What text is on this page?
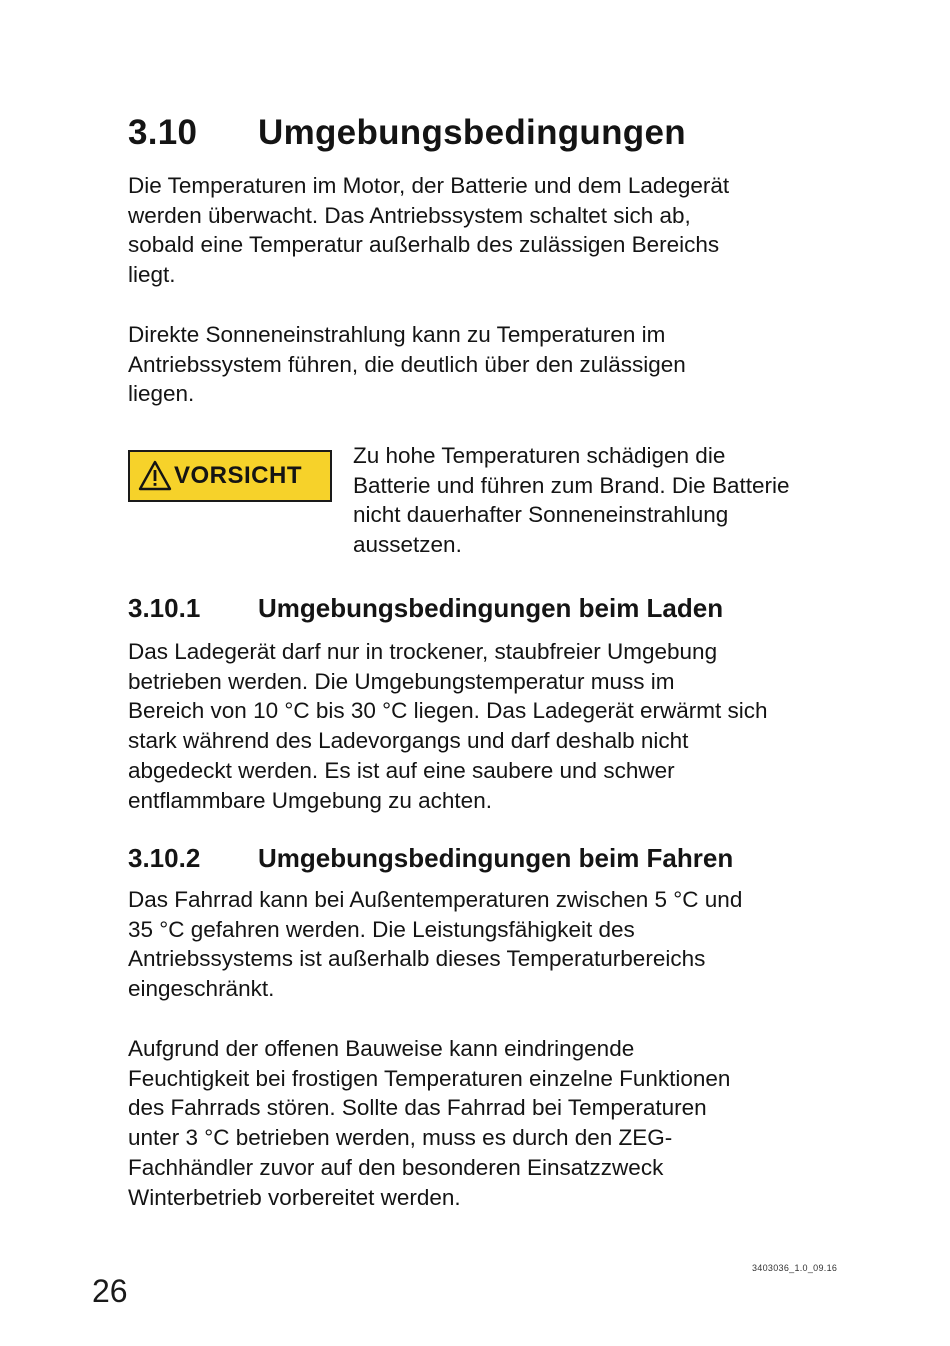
3.10 Umgebungsbedingungen

Die Temperaturen im Motor, der Batterie und dem Ladegerät
werden überwacht. Das Antriebssystem schaltet sich ab,
sobald eine Temperatur außerhalb des zulässigen Bereichs
liegt.

Direkte Sonneneinstrahlung kann zu Temperaturen im
Antriebssystem führen, die deutlich über den zulässigen
liegen.

VORSICHT

Zu hohe Temperaturen schädigen die
Batterie und führen zum Brand. Die Batterie
nicht dauerhafter Sonneneinstrahlung
aussetzen.

3.10.1 Umgebungsbedingungen beim Laden

Das Ladegerät darf nur in trockener, staubfreier Umgebung
betrieben werden. Die Umgebungstemperatur muss im
Bereich von 10 °C bis 30 °C liegen. Das Ladegerät erwärmt sich
stark während des Ladevorgangs und darf deshalb nicht
abgedeckt werden. Es ist auf eine saubere und schwer
entflammbare Umgebung zu achten.

3.10.2 Umgebungsbedingungen beim Fahren

Das Fahrrad kann bei Außentemperaturen zwischen 5 °C und
35 °C gefahren werden. Die Leistungsfähigkeit des
Antriebssystems ist außerhalb dieses Temperaturbereichs
eingeschränkt.

Aufgrund der offenen Bauweise kann eindringende
Feuchtigkeit bei frostigen Temperaturen einzelne Funktionen
des Fahrrads stören. Sollte das Fahrrad bei Temperaturen
unter 3 °C betrieben werden, muss es durch den ZEG-
Fachhändler zuvor auf den besonderen Einsatzzweck
Winterbetrieb vorbereitet werden.

26
3403036_1.0_09.16
